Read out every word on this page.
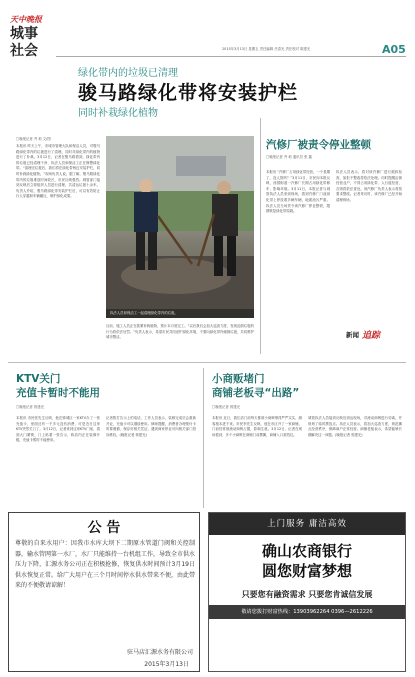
天中晚报
城事
社会	2015年3月13日 星期五 责任编辑 吕春光 责任校对 陈建光	A05
绿化带内的垃圾已清理
骏马路绿化带将安装护栏
同时补栽绿化植物
□晚报记者 齐 莉 文/图
本报讯 昨天上午，市城市管理大队和保洁人员，对骏马路绿化带内的垃圾进行了清理，同时对绿化带内的植物进行了补栽。3月12日，记者在骏马路看到，绿化带内的垃圾已经清理干净，执法人员和保洁工正在修整绿化带。“清理完垃圾后，我们将在绿化带两边安装护栏，同时补栽绿化植物。”现场负责人说。据了解，骏马路绿化带内的垃圾堆放时间较长，市民反映强烈。城管部门接到反映后立即组织人员进行清理，共清运垃圾十余车。负责人介绍，骏马路绿化带安装护栏后，可以有效防止行人穿越和车辆碾压，保护绿化成果。
执法人员和保洁工一起清理绿化带内的垃圾。
目前，施工人员正在抓紧补栽植物，预计本月底完工。“以后我们会加大巡查力度，发现乱倒垃圾的行为将依法处罚。”负责人表示，希望市民共同爱护绿化环境，不要向绿化带内倾倒垃圾，共同维护城市整洁。
汽修厂被责令停业整顿
□晚报记者 齐 莉 通讯员 张 鑫
本报讯 “汽修厂占用绿化带经营，一个星期了，没人管吗？”3月11日，市民向本报反映，西园街道一汽修厂长期占用绿化带修车，影响环境。3月11日，本报记者与城管执法人员来到现场，看到汽修厂门前绿化带上停放着多辆车辆，地面油污严重。执法人员当场责令该汽修厂停业整顿，限期恢复绿化带原貌。
执法人员表示，将对该汽修厂进行跟踪检查，如拒不整改将依法处理。同时提醒沿街经营业户，不得占用绿化带、人行道经营，否则将依法查处。该汽修厂负责人表示将按要求整改。记者采访时，该汽修厂已经开始清理现场。
新闻 追踪
KTV关门
充值卡暂时不能用
□晚报记者 郭建光
本报讯 市民张先生反映，他在驿城区一家KTV办了一张充值卡，里面还有一千多元没有消费，可是近日这家KTV突然关门了。3月12日，记者来到这家KTV门前，看到大门紧锁，门上贴着一张告示，称店内正在装修升级，充值卡暂时不能使用。
记者拨打告示上的电话，工作人员表示，装修完成后会重新开业，充值卡可以继续使用。律师提醒，消费者办理预付卡时要谨慎，保存好相关凭证，遇到商家停业可向相关部门投诉维权。(晚报记者 郭建光)
小商贩堵门
商铺老板寻“出路”
□晚报记者 郭建光
本报讯 近日，我们店门前每天都被小商贩堵得严严实实，顾客根本进不来。市民李先生反映，他在市区开了一家商铺，门前经常被流动商贩占据，影响生意。3月12日，记者在现场看到，多个小商贩在商铺门前摆摊，商铺入口被挡住。
城管执法人员接到反映后到达现场，对流动商贩进行劝离，并规划了临时摆放点。执法人员表示，将加大巡查力度，规范摊点经营秩序，保障商户正常经营。商铺老板表示，希望能够长期解决这一问题。(晚报记者 郭建光)
公 告
尊敬的自来水用户：因我市水库大坝下二期原水管道门阀和关控制器，输水管网第一水厂，水厂只能维持一台机组工作，导致全市供水压力下降，汇源水务公司正在积极抢修，恢复供水时间预计3月19日供水恢复正常。给广大用户在三个月时间停水供水带来不便，由此带来的不便敬请谅解！
驻马店汇源水务有限公司
2015年3月13日
上门服务 庸洁高效
确山农商银行
圆您财富梦想
只要您有融资需求 只要您肯诚信发展
敬请您拨打财富热线：13903962264 0396—2612226
